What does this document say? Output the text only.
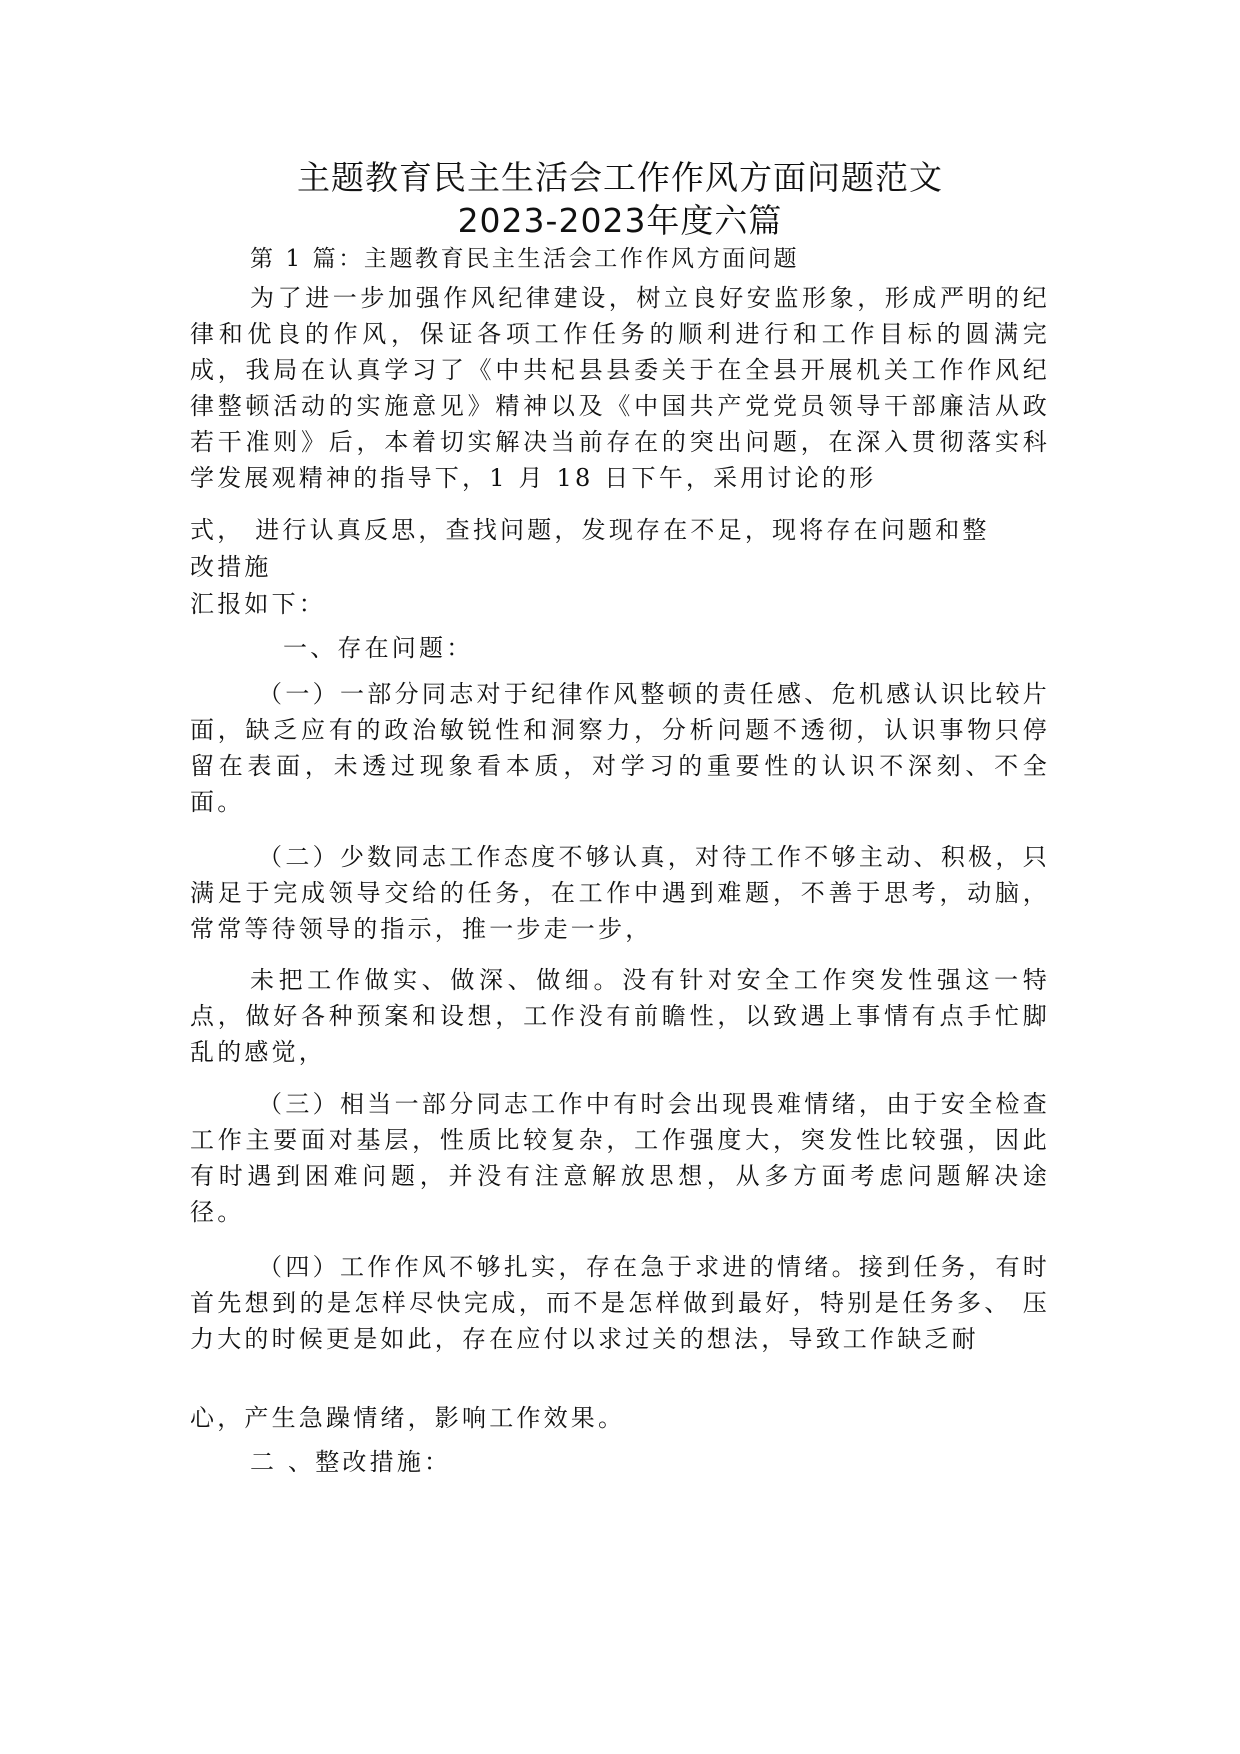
主题教育民主生活会工作作风方面问题范文
2023-2023年度六篇
第 1 篇：主题教育民主生活会工作作风方面问题
为了进一步加强作风纪律建设，树立良好安监形象，形成严明的纪律和优良的作风，保证各项工作任务的顺利进行和工作目标的圆满完成，我局在认真学习了《中共杞县县委关于在全县开展机关工作作风纪律整顿活动的实施意见》精神以及《中国共产党党员领导干部廉洁从政若干准则》后，本着切实解决当前存在的突出问题，在深入贯彻落实科学发展观精神的指导下，1 月 18 日下午，采用讨论的形
式， 进行认真反思，查找问题，发现存在不足，现将存在问题和整
改措施
汇报如下：
一、存在问题：
（一）一部分同志对于纪律作风整顿的责任感、危机感认识比较片面，缺乏应有的政治敏锐性和洞察力，分析问题不透彻，认识事物只停留在表面，未透过现象看本质，对学习的重要性的认识不深刻、不全面。
（二）少数同志工作态度不够认真，对待工作不够主动、积极，只满足于完成领导交给的任务，在工作中遇到难题，不善于思考，动脑，常常等待领导的指示，推一步走一步，
未把工作做实、做深、做细。没有针对安全工作突发性强这一特点，做好各种预案和设想，工作没有前瞻性，以致遇上事情有点手忙脚乱的感觉，
（三）相当一部分同志工作中有时会出现畏难情绪，由于安全检查工作主要面对基层，性质比较复杂，工作强度大，突发性比较强，因此有时遇到困难问题，并没有注意解放思想，从多方面考虑问题解决途径。
（四）工作作风不够扎实，存在急于求进的情绪。接到任务，有时首先想到的是怎样尽快完成，而不是怎样做到最好，特别是任务多、 压力大的时候更是如此，存在应付以求过关的想法，导致工作缺乏耐
心，产生急躁情绪，影响工作效果。
二 、整改措施：
